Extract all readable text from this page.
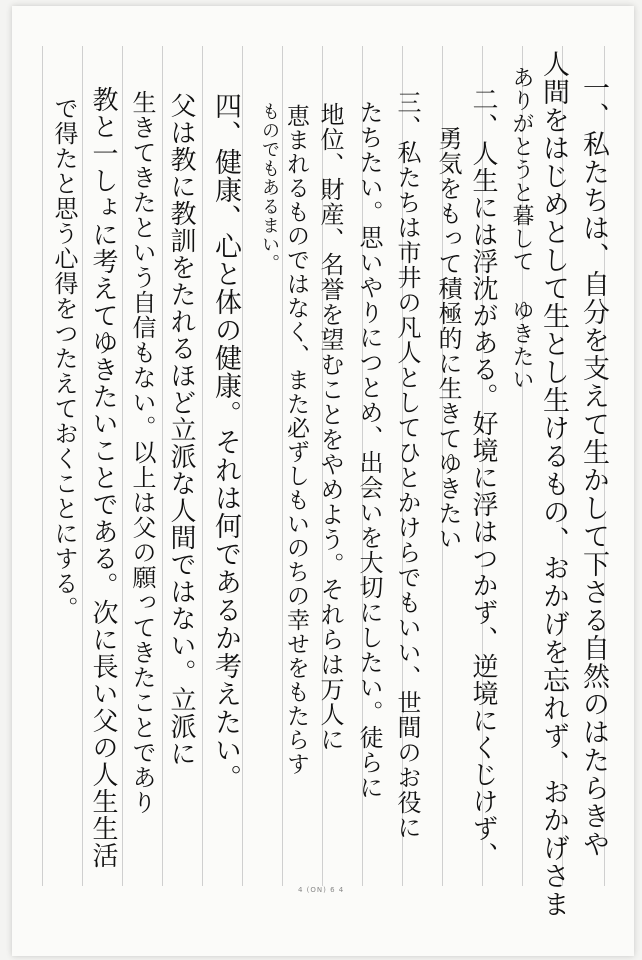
一、私たちは、自分を支えて生かして下さる自然のはたらきや
人間をはじめとして生とし生けるもの、おかげを忘れず、おかげさま
ありがとうと暮して ゆきたい
二、人生には浮沈がある。好境に浮はつかず、逆境にくじけず、
勇気をもって積極的に生きてゆきたい
三、私たちは市井の凡人としてひとかけらでもいい、世間のお役に
たちたい。思いやりにつとめ、出会いを大切にしたい。徒らに
地位、財産、名誉を望むことをやめよう。それらは万人に
恵まれるものではなく、また必ずしもいのちの幸せをもたらす
ものでもあるまい。
四、健康、心と体の健康。それは何であるか考えたい。
父は教に教訓をたれるほど立派な人間ではない。立派に
生きてきたという自信もない。以上は父の願ってきたことであり
教と一しょに考えてゆきたいことである。次に長い父の人生生活
で得たと思う心得をつたえておくことにする。
4 (ON) 6 4
